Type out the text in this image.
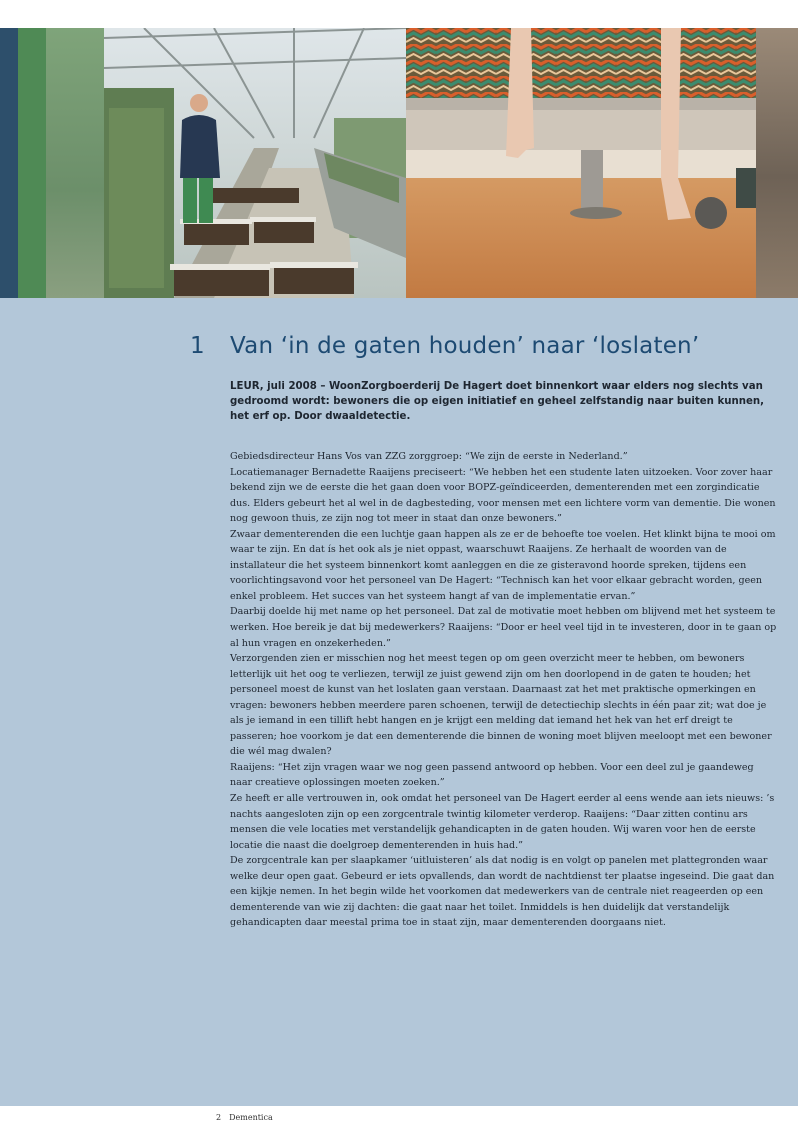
1 Van ‘in de gaten houden’ naar ‘loslaten’

LEUR, juli 2008 – WoonZorgboerderij De Hagert doet binnenkort waar elders nog slechts van gedroomd wordt: bewoners die op eigen initiatief en geheel zelfstandig naar buiten kunnen, het erf op. Door dwaaldetectie.

Gebiedsdirecteur Hans Vos van ZZG zorggroep: “We zijn de eerste in Nederland.”

Locatiemanager Bernadette Raaijens preciseert: “We hebben het een studente laten uitzoeken. Voor zover haar bekend zijn we de eerste die het gaan doen voor BOPZ-geïndiceerden, dementerenden met een zorgindicatie dus. Elders gebeurt het al wel in de dagbesteding, voor mensen met een lichtere vorm van dementie. Die wonen nog gewoon thuis, ze zijn nog tot meer in staat dan onze bewoners.”

Zwaar dementerenden die een luchtje gaan happen als ze er de behoefte toe voelen. Het klinkt bijna te mooi om waar te zijn. En dat ís het ook als je niet oppast, waarschuwt Raaijens. Ze herhaalt de woorden van de installateur die het systeem binnenkort komt aanleggen en die ze gisteravond hoorde spreken, tijdens een voorlichtingsavond voor het personeel van De Hagert: “Technisch kan het voor elkaar gebracht worden, geen enkel probleem. Het succes van het systeem hangt af van de implementatie ervan.”

Daarbij doelde hij met name op het personeel. Dat zal de motivatie moet hebben om blijvend met het systeem te werken. Hoe bereik je dat bij medewerkers? Raaijens: “Door er heel veel tijd in te investeren, door in te gaan op al hun vragen en onzekerheden.”

Verzorgenden zien er misschien nog het meest tegen op om geen overzicht meer te hebben, om bewoners letterlijk uit het oog te verliezen, terwijl ze juist gewend zijn om hen doorlopend in de gaten te houden; het personeel moest de kunst van het loslaten gaan verstaan. Daarnaast zat het met praktische opmerkingen en vragen: bewoners hebben meerdere paren schoenen, terwijl de detectiechip slechts in één paar zit; wat doe je als je iemand in een tillift hebt hangen en je krijgt een melding dat iemand het hek van het erf dreigt te passeren; hoe voorkom je dat een dementerende die binnen de woning moet blijven meeloopt met een bewoner die wél mag dwalen?

Raaijens: “Het zijn vragen waar we nog geen passend antwoord op hebben. Voor een deel zul je gaandeweg naar creatieve oplossingen moeten zoeken.”

Ze heeft er alle vertrouwen in, ook omdat het personeel van De Hagert eerder al eens wende aan iets nieuws: ’s nachts aangesloten zijn op een zorgcentrale twintig kilometer verderop. Raaijens: “Daar zitten continu ars mensen die vele locaties met verstandelijk gehandicapten in de gaten houden. Wij waren voor hen de eerste locatie die naast die doelgroep dementerenden in huis had.”

De zorgcentrale kan per slaapkamer ‘uitluisteren’ als dat nodig is en volgt op panelen met plattegronden waar welke deur open gaat. Gebeurd er iets opvallends, dan wordt de nachtdienst ter plaatse ingeseind. Die gaat dan een kijkje nemen. In het begin wilde het voorkomen dat medewerkers van de centrale niet reageerden op een dementerende van wie zij dachten: die gaat naar het toilet. Inmiddels is hen duidelijk dat verstandelijk gehandicapten daar meestal prima toe in staat zijn, maar dementerenden doorgaans niet.

2 Dementica
